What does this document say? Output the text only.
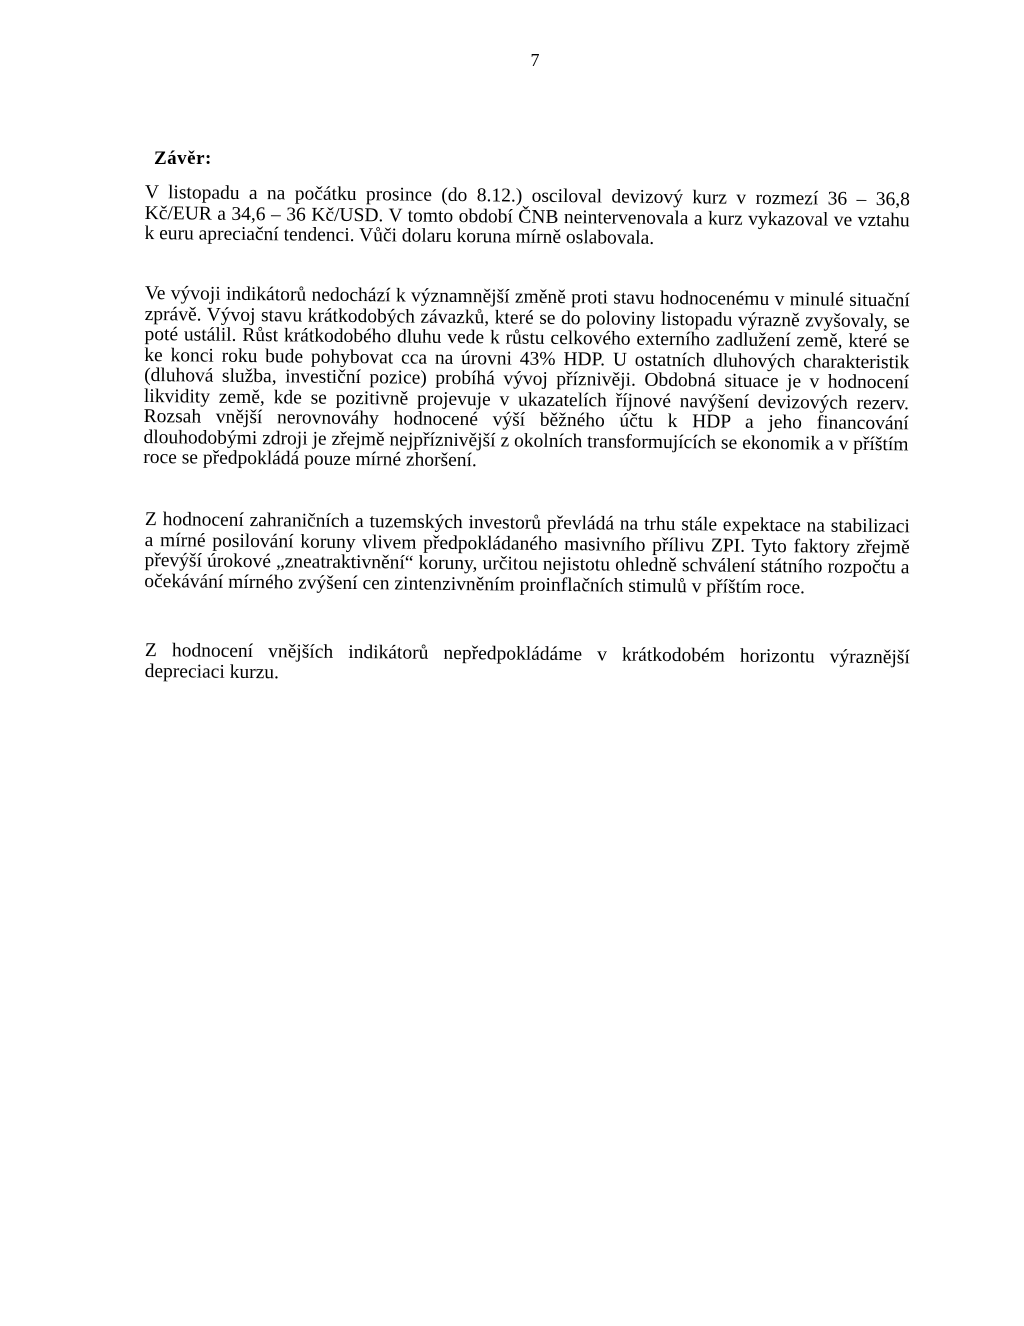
7
Závěr:

V listopadu a na počátku prosince (do 8.12.) osciloval devizový kurz v rozmezí 36 – 36,8 Kč/EUR a 34,6 – 36 Kč/USD. V tomto období ČNB neintervenovala a kurz vykazoval ve vztahu k euru apreciační tendenci. Vůči dolaru koruna mírně oslabovala.

Ve vývoji indikátorů nedochází k významnější změně proti stavu hodnocenému v minulé situační zprávě. Vývoj stavu krátkodobých závazků, které se do poloviny listopadu výrazně zvyšovaly, se poté ustálil. Růst krátkodobého dluhu vede k růstu celkového externího zadlužení země, které se ke konci roku bude pohybovat cca na úrovni 43% HDP. U ostatních dluhových charakteristik (dluhová služba, investiční pozice) probíhá vývoj příznivěji. Obdobná situace je v hodnocení likvidity země, kde se pozitivně projevuje v ukazatelích říjnové navýšení devizových rezerv. Rozsah vnější nerovnováhy hodnocené výší běžného účtu k HDP a jeho financování dlouhodobými zdroji je zřejmě nejpříznivější z okolních transformujících se ekonomik a v příštím roce se předpokládá pouze mírné zhoršení.

Z hodnocení zahraničních a tuzemských investorů převládá na trhu stále expektace na stabilizaci a mírné posilování koruny vlivem předpokládaného masivního přílivu ZPI. Tyto faktory zřejmě převýší úrokové „zneatraktivnění“ koruny, určitou nejistotu ohledně schválení státního rozpočtu a očekávání mírného zvýšení cen zintenzivněním proinflačních stimulů v příštím roce.

Z hodnocení vnějších indikátorů nepředpokládáme v krátkodobém horizontu výraznější depreciaci kurzu.
